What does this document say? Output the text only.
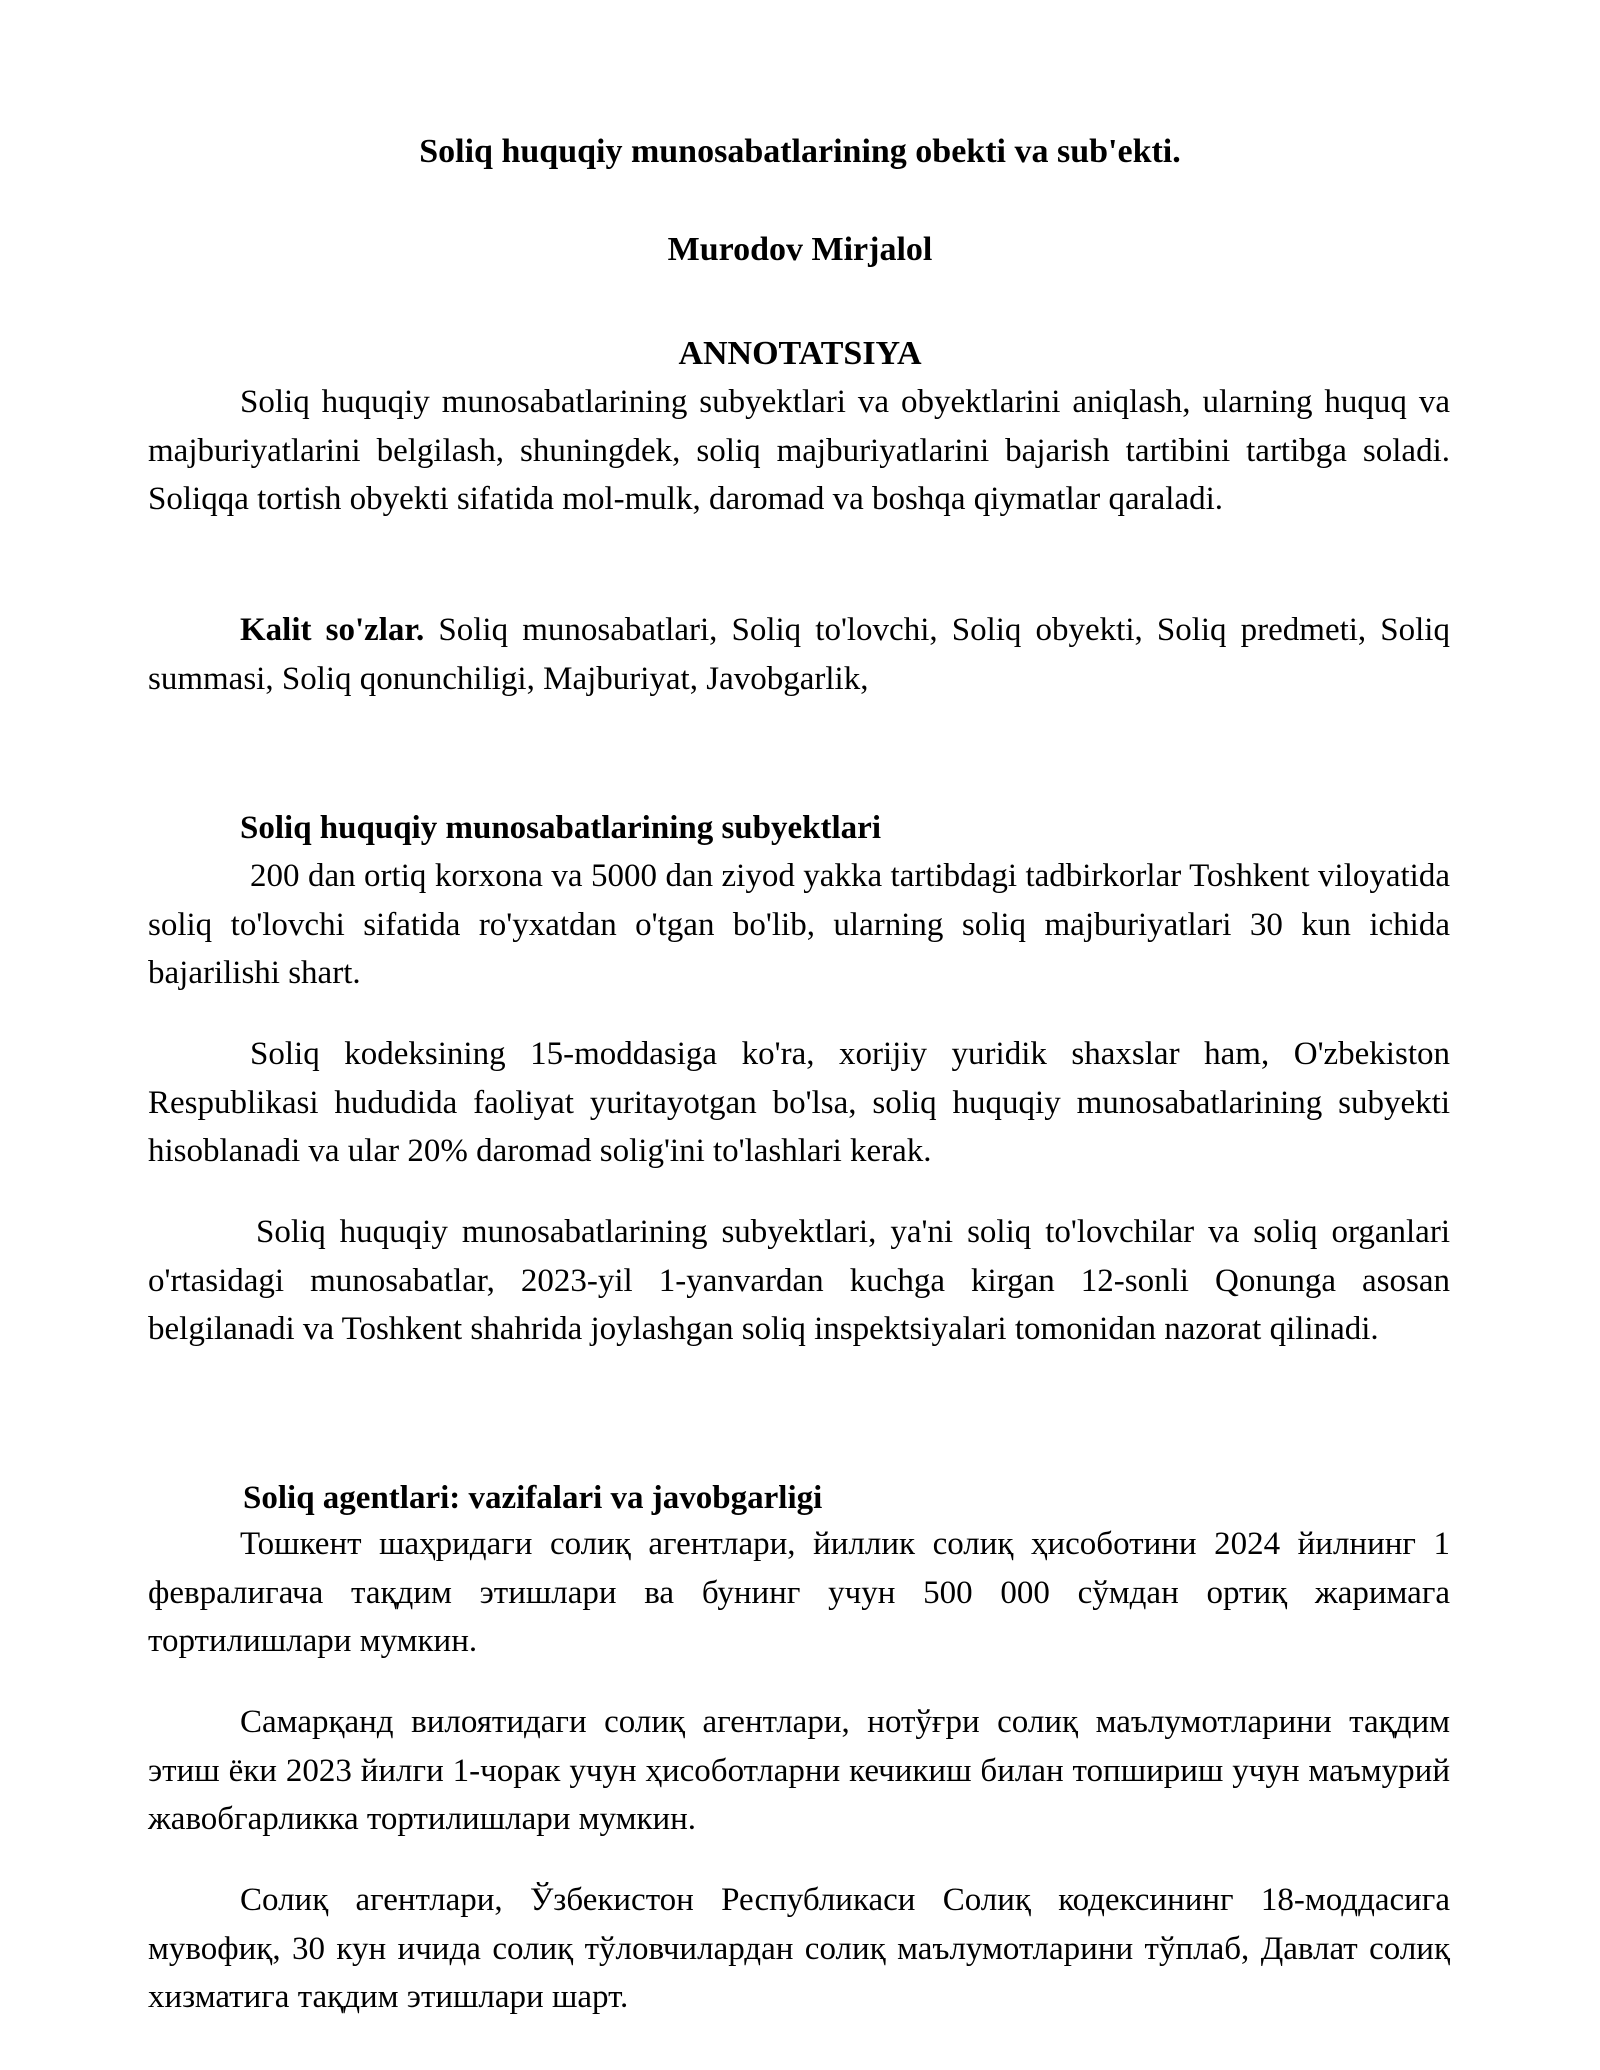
Soliq huquqiy munosabatlarining obekti va sub'ekti.
Murodov Mirjalol
ANNOTATSIYA
Soliq huquqiy munosabatlarining subyektlari va obyektlarini aniqlash, ularning huquq va majburiyatlarini belgilash, shuningdek, soliq majburiyatlarini bajarish tartibini tartibga soladi. Soliqqa tortish obyekti sifatida mol-mulk, daromad va boshqa qiymatlar qaraladi.
Kalit so'zlar. Soliq munosabatlari, Soliq to'lovchi, Soliq obyekti, Soliq predmeti, Soliq summasi, Soliq qonunchiligi, Majburiyat, Javobgarlik,
Soliq huquqiy munosabatlarining subyektlari
200 dan ortiq korxona va 5000 dan ziyod yakka tartibdagi tadbirkorlar Toshkent viloyatida soliq to'lovchi sifatida ro'yxatdan o'tgan bo'lib, ularning soliq majburiyatlari 30 kun ichida bajarilishi shart.
Soliq kodeksining 15-moddasiga ko'ra, xorijiy yuridik shaxslar ham, O'zbekiston Respublikasi hududida faoliyat yuritayotgan bo'lsa, soliq huquqiy munosabatlarining subyekti hisoblanadi va ular 20% daromad solig'ini to'lashlari kerak.
Soliq huquqiy munosabatlarining subyektlari, ya'ni soliq to'lovchilar va soliq organlari o'rtasidagi munosabatlar, 2023-yil 1-yanvardan kuchga kirgan 12-sonli Qonunga asosan belgilanadi va Toshkent shahrida joylashgan soliq inspektsiyalari tomonidan nazorat qilinadi.
Soliq agentlari: vazifalari va javobgarligi
Тошкент шаҳридаги солиқ агентлари, йиллик солиқ ҳисоботини 2024 йилнинг 1 февралигача тақдим этишлари ва бунинг учун 500 000 сўмдан ортиқ жаримага тортилишлари мумкин.
Самарқанд вилоятидаги солиқ агентлари, нотўғри солиқ маълумотларини тақдим этиш ёки 2023 йилги 1-чорак учун ҳисоботларни кечикиш билан топшириш учун маъмурий жавобгарликка тортилишлари мумкин.
Солиқ агентлари, Ўзбекистон Республикаси Солиқ кодексининг 18-моддасига мувофиқ, 30 кун ичида солиқ тўловчилардан солиқ маълумотларини тўплаб, Давлат солиқ хизматига тақдим этишлари шарт.
